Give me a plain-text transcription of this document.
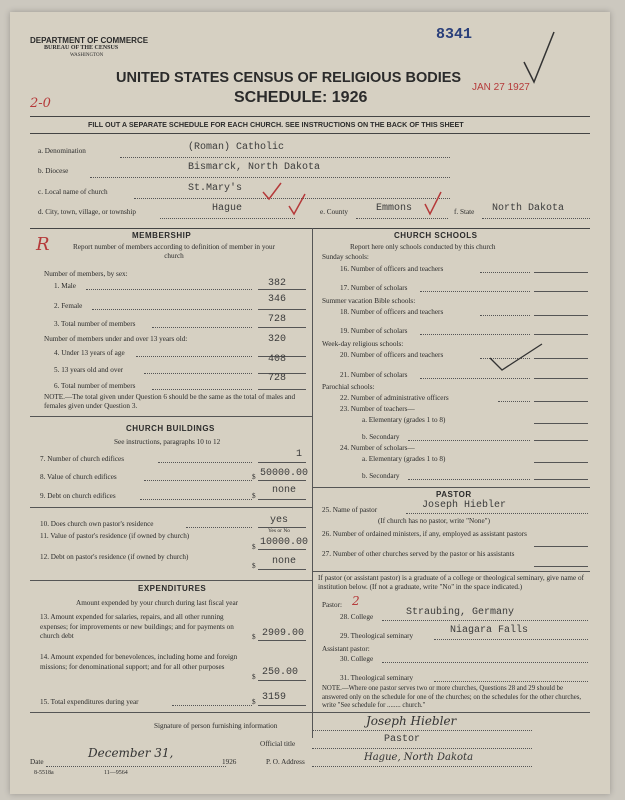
DEPARTMENT OF COMMERCE
BUREAU OF THE CENSUS
WASHINGTON
8341
JAN 27 1927
UNITED STATES CENSUS OF RELIGIOUS BODIES
SCHEDULE: 1926
2-0
FILL OUT A SEPARATE SCHEDULE FOR EACH CHURCH. SEE INSTRUCTIONS ON THE BACK OF THIS SHEET
a. Denomination	(Roman) Catholic
b. Diocese	Bismarck, North Dakota
c. Local name of church	St.Mary's
d. City, town, village, or township	Hague	e. County	Emmons	f. State North Dakota
MEMBERSHIP
R	Report number of members according to definition of member in your church
Number of members, by sex:
1. Male	382
2. Female
346
3. Total number of members	728
Number of members under and over 13 years old:
4. Under 13 years of age
320
5. 13 years old and over
408
6. Total number of members
728
NOTE.—The total given under Question 6 should be the same as the total of males and females given under Question 3.
CHURCH BUILDINGS
See instructions, paragraphs 10 to 12
7. Number of church edifices	1
8. Value of church edifices	$ 50000.00
9. Debt on church edifices	$ none
10. Does church own pastor's residence	yes
Yes or No
11. Value of pastor's residence (if owned by church)
$ 10000.00
12. Debt on pastor's residence (if owned by church)
$ none
EXPENDITURES
Amount expended by your church during last fiscal year
13. Amount expended for salaries, repairs, and all other running expenses; for improvements or new buildings; and for payments on church debt	$ 2909.00
14. Amount expended for benevolences, including home and foreign missions; for denominational support; and for all other purposes
$ 250.00
15. Total expenditures during year	$ 3159
CHURCH SCHOOLS
Report here only schools conducted by this church
Sunday schools:
16. Number of officers and teachers
17. Number of scholars
Summer vacation Bible schools:
18. Number of officers and teachers
19. Number of scholars
Week-day religious schools:
20. Number of officers and teachers
21. Number of scholars
Parochial schools:
22. Number of administrative officers
23. Number of teachers—
a. Elementary (grades 1 to 8)
b. Secondary
24. Number of scholars—
a. Elementary (grades 1 to 8)
b. Secondary
PASTOR
25. Name of pastor	Joseph Hiebler
(If church has no pastor, write "None")
26. Number of ordained ministers, if any, employed as assistant pastors
27. Number of other churches served by the pastor or his assistants
If pastor (or assistant pastor) is a graduate of a college or theological seminary, give name of institution below. (If not a graduate, write "No" in the space indicated.)
Pastor: 2
28. College	Straubing, Germany
29. Theological seminary	Niagara Falls
Assistant pastor:
30. College
31. Theological seminary
NOTE.—Where one pastor serves two or more churches, Questions 28 and 29 should be answered only on the schedule for one of the churches; on the schedules for the other churches, write "See schedule for ........ church."
Signature of person furnishing information	Joseph Hiebler
Official title	Pastor
Date
December 31,
1926	P. O. Address	Hague, North Dakota
8-5518a	11—9564
